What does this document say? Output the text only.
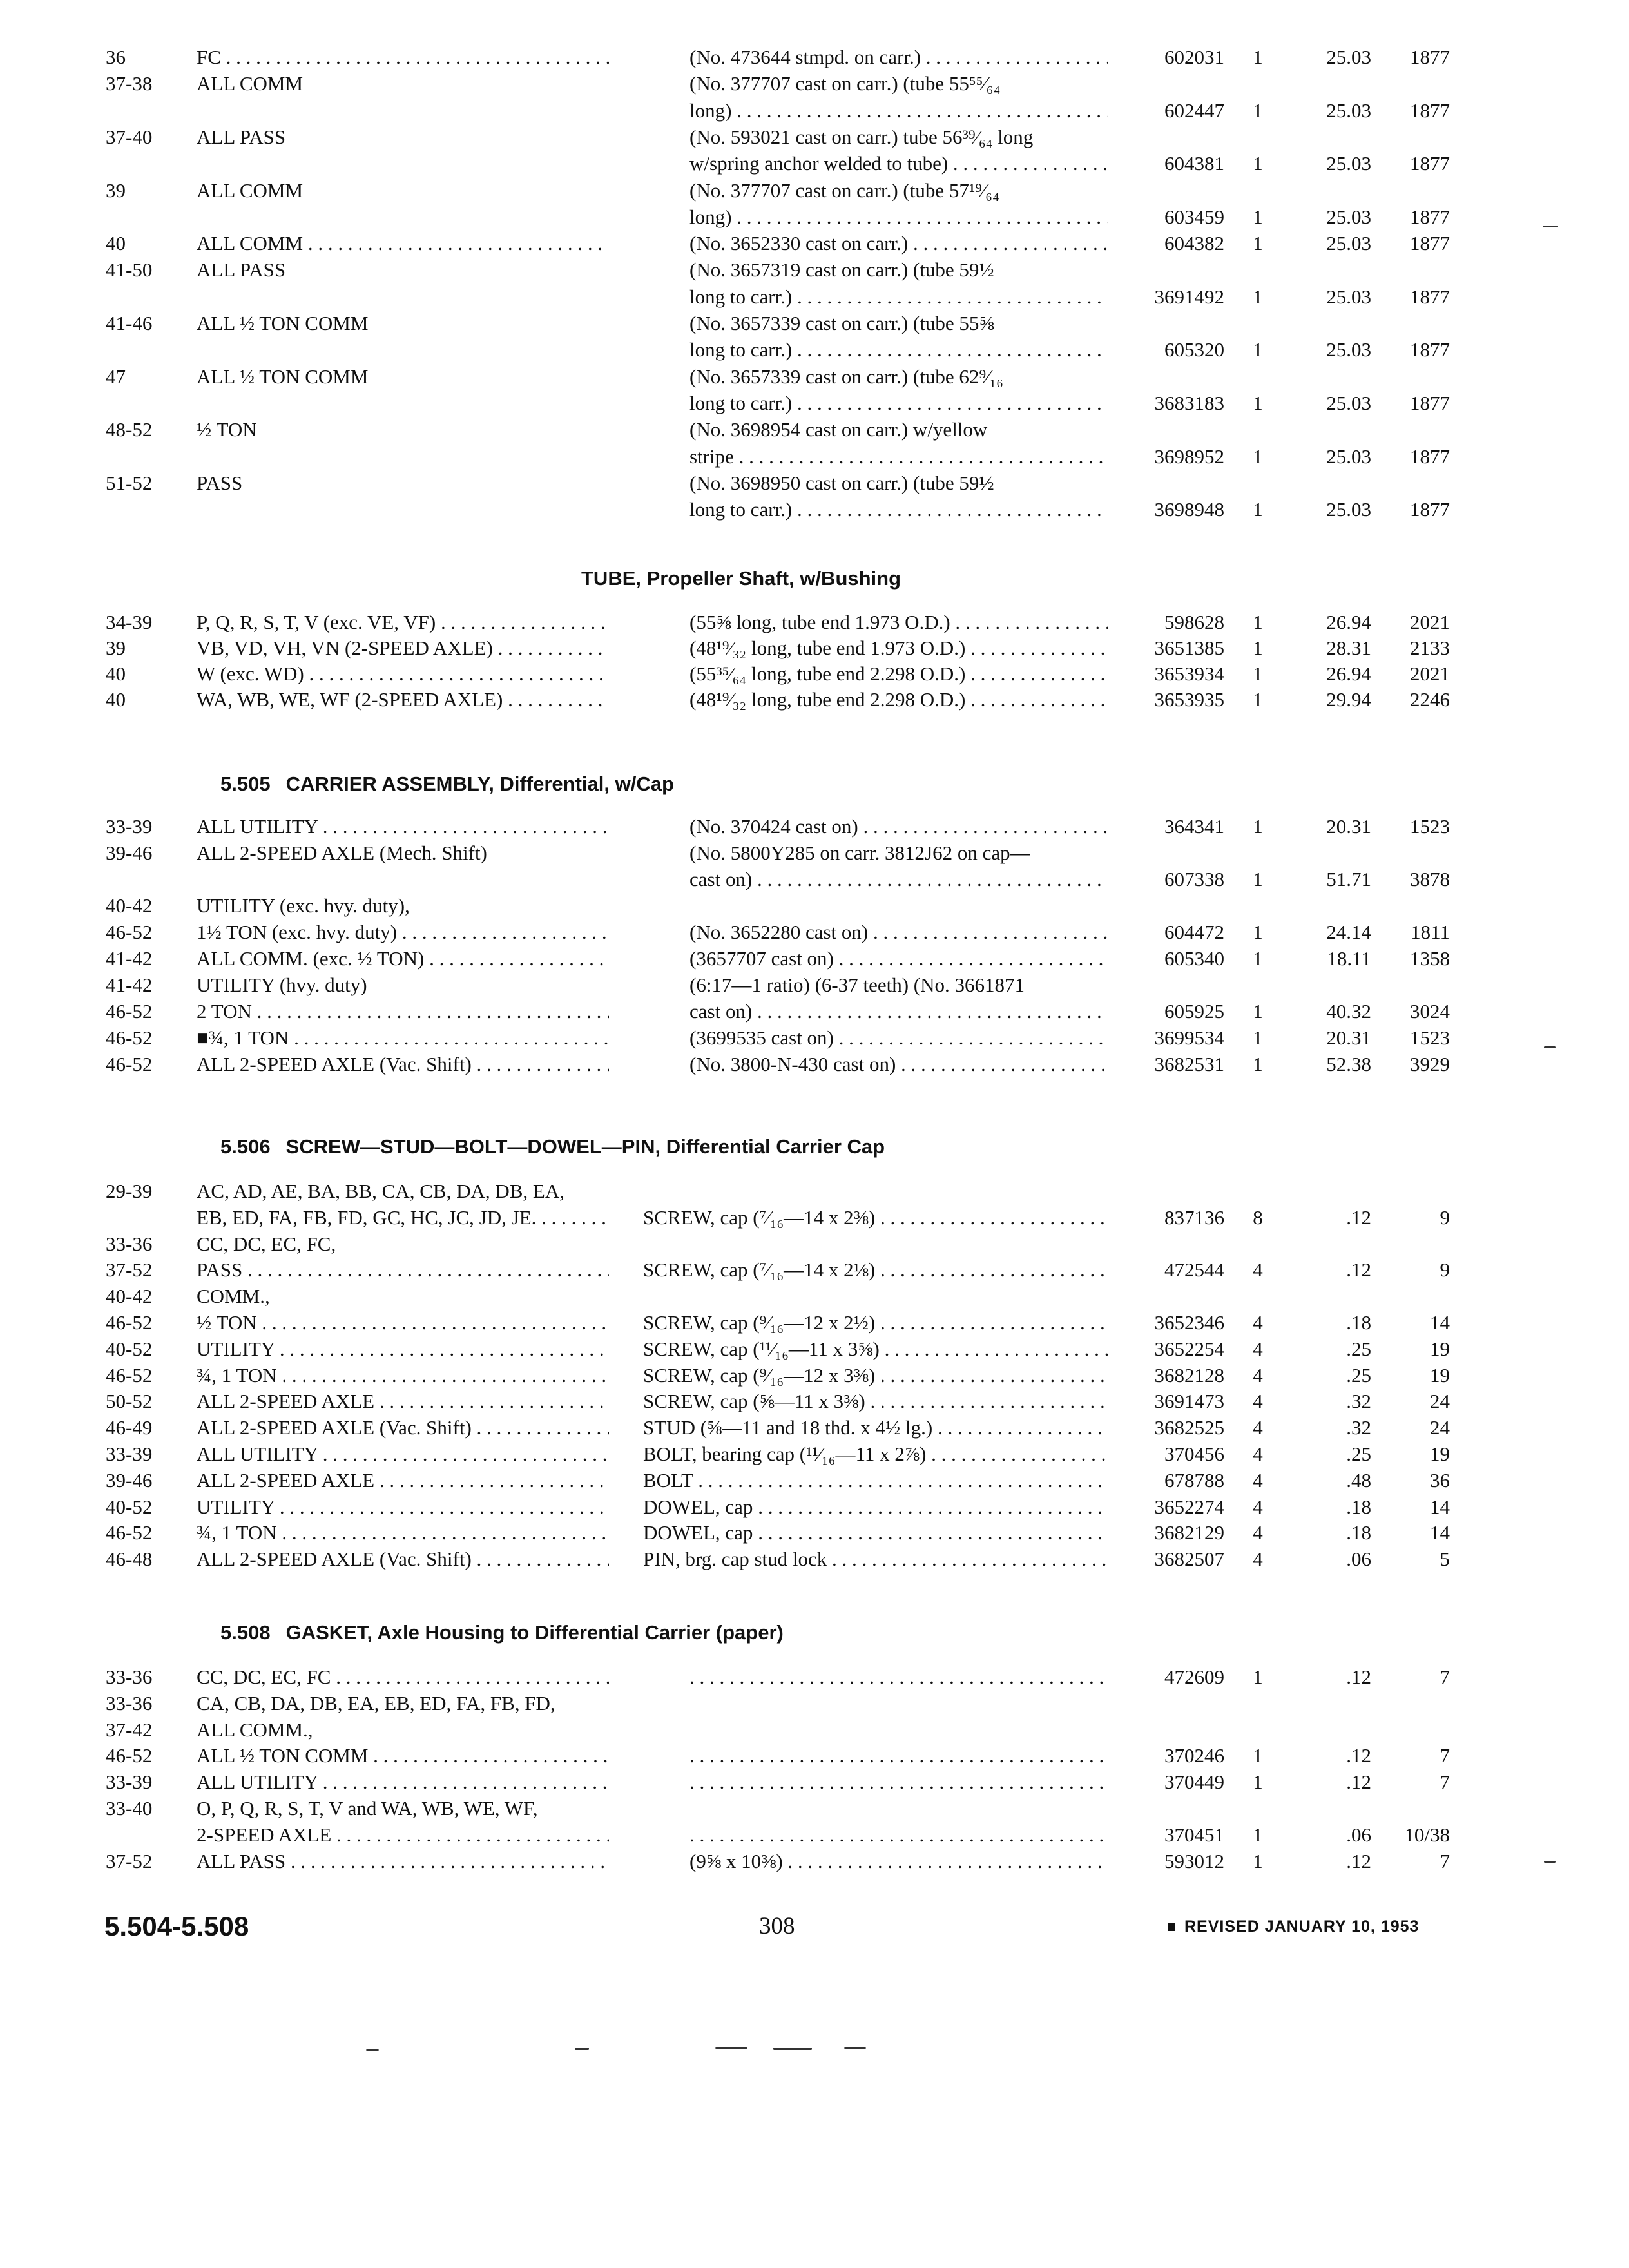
36	FC . . .	(No. 473644 stmpd. on carr.) . . .	602031 1	25.03	1877
37-38	ALL COMM	(No. 377707 cast on carr.) (tube 55⁵⁵⁄₆₄
long) . . .	602447 1	25.03	1877
37-40	ALL PASS	(No. 593021 cast on carr.) tube 56³⁹⁄₆₄ long
w/spring anchor welded to tube) . . .	604381 1	25.03	1877
39	ALL COMM	(No. 377707 cast on carr.) (tube 57¹⁹⁄₆₄
long) . . .	603459 1	25.03	1877
40	ALL COMM . . .	(No. 3652330 cast on carr.) . . .	604382 1	25.03	1877
41-50	ALL PASS	(No. 3657319 cast on carr.) (tube 59½
long to carr.) . . .	3691492 1	25.03	1877
41-46	ALL ½ TON COMM	(No. 3657339 cast on carr.) (tube 55⅝
long to carr.) . . .	605320 1	25.03	1877
47	ALL ½ TON COMM	(No. 3657339 cast on carr.) (tube 62⁹⁄₁₆
long to carr.) . . .	3683183 1	25.03	1877
48-52	½ TON	(No. 3698954 cast on carr.) w/yellow
stripe . . .	3698952 1	25.03	1877
51-52	PASS	(No. 3698950 cast on carr.) (tube 59½
long to carr.) . . .	3698948 1	25.03	1877
TUBE, Propeller Shaft, w/Bushing
34-39	P, Q, R, S, T, V (exc. VE, VF) . . .	(55⅝ long, tube end 1.973 O.D.) . . .	598628 1	26.94	2021
39	VB, VD, VH, VN (2-SPEED AXLE) . . .	(48¹⁹⁄₃₂ long, tube end 1.973 O.D.) . . .	3651385 1	28.31	2133
40	W (exc. WD) . . .	(55³⁵⁄₆₄ long, tube end 2.298 O.D.) . . .	3653934 1	26.94	2021
40	WA, WB, WE, WF (2-SPEED AXLE) . . .	(48¹⁹⁄₃₂ long, tube end 2.298 O.D.) . . .	3653935 1	29.94	2246
5.505 CARRIER ASSEMBLY, Differential, w/Cap
33-39	ALL UTILITY . . .	(No. 370424 cast on) . . .	364341 1	20.31	1523
39-46	ALL 2-SPEED AXLE (Mech. Shift)	(No. 5800Y285 on carr. 3812J62 on cap—
cast on) . . .	607338 1	51.71	3878
40-42	UTILITY (exc. hvy. duty),
46-52	1½ TON (exc. hvy. duty) . . .	(No. 3652280 cast on) . . .	604472 1	24.14	1811
41-42	ALL COMM. (exc. ½ TON) . . .	(3657707 cast on) . . .	605340 1	18.11	1358
41-42	UTILITY (hvy. duty)	(6:17—1 ratio) (6-37 teeth) (No. 3661871
46-52	2 TON . . .	cast on) . . .	605925 1	40.32	3024
46-52	■¾, 1 TON . . .	(3699535 cast on) . . .	3699534 1	20.31	1523
46-52	ALL 2-SPEED AXLE (Vac. Shift) . . .	(No. 3800-N-430 cast on) . . .	3682531 1	52.38	3929
5.506 SCREW—STUD—BOLT—DOWEL—PIN, Differential Carrier Cap
29-39	AC, AD, AE, BA, BB, CA, CB, DA, DB, EA,
EB, ED, FA, FB, FD, GC, HC, JC, JD, JE. . . .	SCREW, cap (⁷⁄₁₆—14 x 2⅜) . . .	837136 8	.12	9
33-36	CC, DC, EC, FC,
37-52	PASS . . .	SCREW, cap (⁷⁄₁₆—14 x 2⅛) . . .	472544 4	.12	9
40-42	COMM.,
46-52	½ TON . . .	SCREW, cap (⁹⁄₁₆—12 x 2½) . . .	3652346 4	.18	14
40-52	UTILITY . . .	SCREW, cap (¹¹⁄₁₆—11 x 3⅝) . . .	3652254 4	.25	19
46-52	¾, 1 TON . . .	SCREW, cap (⁹⁄₁₆—12 x 3⅜) . . .	3682128 4	.25	19
50-52	ALL 2-SPEED AXLE . . .	SCREW, cap (⅝—11 x 3⅜) . . .	3691473 4	.32	24
46-49	ALL 2-SPEED AXLE (Vac. Shift) . . .	STUD (⅝—11 and 18 thd. x 4½ lg.) . . .	3682525 4	.32	24
33-39	ALL UTILITY . . .	BOLT, bearing cap (¹¹⁄₁₆—11 x 2⅞) . . .	370456 4	.25	19
39-46	ALL 2-SPEED AXLE . . .	BOLT . . .	678788 4	.48	36
40-52	UTILITY . . .	DOWEL, cap . . .	3652274 4	.18	14
46-52	¾, 1 TON . . .	DOWEL, cap . . .	3682129 4	.18	14
46-48	ALL 2-SPEED AXLE (Vac. Shift) . . .	PIN, brg. cap stud lock . . .	3682507 4	.06	5
5.508 GASKET, Axle Housing to Differential Carrier (paper)
33-36	CC, DC, EC, FC . . . . . .	472609 1	.12	7
33-36	CA, CB, DA, DB, EA, EB, ED, FA, FB, FD,
37-42	ALL COMM.,
46-52	ALL ½ TON COMM . . . . . .	370246 1	.12	7
33-39	ALL UTILITY . . . . . .	370449 1	.12	7
33-40	O, P, Q, R, S, T, V and WA, WB, WE, WF,
2-SPEED AXLE . . . . . .	370451 1	.06	10/38
37-52	ALL PASS . . .	(9⅝ x 10⅜) . . .	593012 1	.12	7
5.504-5.508	308	REVISED JANUARY 10, 1953
